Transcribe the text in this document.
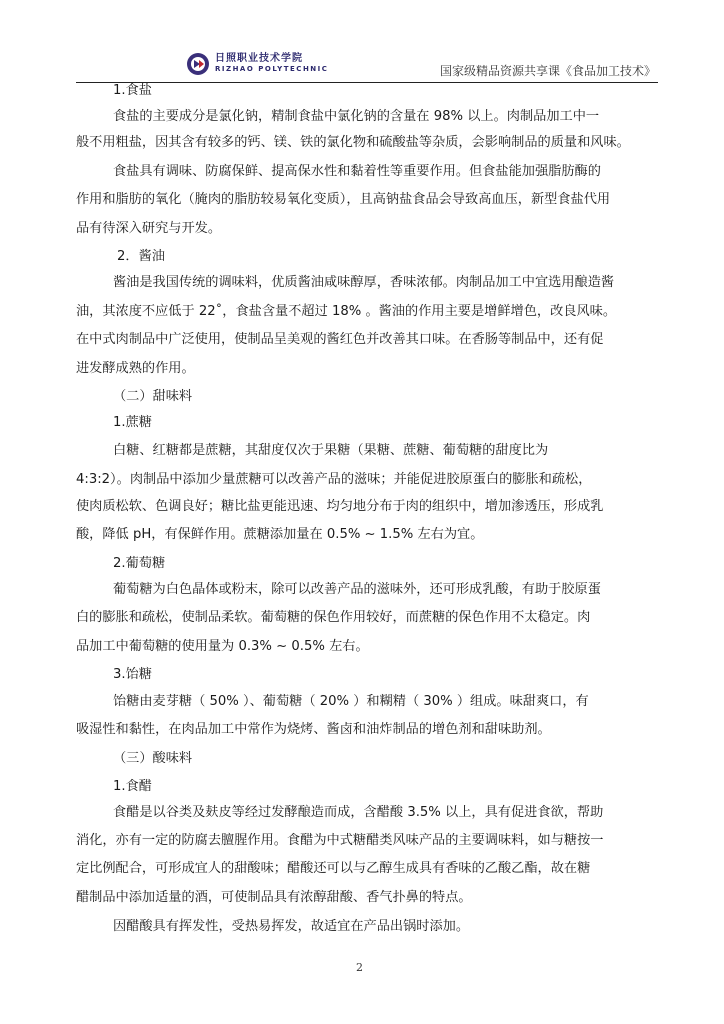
日照职业技术学院
RIZHAO POLYTECHNIC	国家级精品资源共享课《食品加工技术》
1.食盐
食盐的主要成分是氯化钠，精制食盐中氯化钠的含量在 98% 以上。肉制品加工中一
般不用粗盐，因其含有较多的钙、镁、铁的氯化物和硫酸盐等杂质，会影响制品的质量和风味。
食盐具有调味、防腐保鲜、提高保水性和黏着性等重要作用。但食盐能加强脂肪酶的
作用和脂肪的氧化（腌肉的脂肪较易氧化变质），且高钠盐食品会导致高血压，新型食盐代用
品有待深入研究与开发。
2．酱油
酱油是我国传统的调味料，优质酱油咸味醇厚，香味浓郁。肉制品加工中宜选用酿造酱
油，其浓度不应低于 22˚，食盐含量不超过 18% 。酱油的作用主要是增鲜增色，改良风味。
在中式肉制品中广泛使用，使制品呈美观的酱红色并改善其口味。在香肠等制品中，还有促
进发酵成熟的作用。
（二）甜味料
1.蔗糖
白糖、红糖都是蔗糖，其甜度仅次于果糖（果糖、蔗糖、葡萄糖的甜度比为
4:3:2）。肉制品中添加少量蔗糖可以改善产品的滋味；并能促进胶原蛋白的膨胀和疏松，
使肉质松软、色调良好；糖比盐更能迅速、均匀地分布于肉的组织中，增加渗透压，形成乳
酸，降低 pH，有保鲜作用。蔗糖添加量在 0.5% ~ 1.5% 左右为宜。
2.葡萄糖
葡萄糖为白色晶体或粉末，除可以改善产品的滋味外，还可形成乳酸，有助于胶原蛋
白的膨胀和疏松，使制品柔软。葡萄糖的保色作用较好，而蔗糖的保色作用不太稳定。肉
品加工中葡萄糖的使用量为 0.3% ~ 0.5% 左右。
3.饴糖
饴糖由麦芽糖（ 50% ）、葡萄糖（ 20% ）和糊精（ 30% ）组成。味甜爽口，有
吸湿性和黏性，在肉品加工中常作为烧烤、酱卤和油炸制品的增色剂和甜味助剂。
（三）酸味料
1.食醋
食醋是以谷类及麸皮等经过发酵酿造而成，含醋酸 3.5% 以上，具有促进食欲，帮助
消化，亦有一定的防腐去膻腥作用。食醋为中式糖醋类风味产品的主要调味料，如与糖按一
定比例配合，可形成宜人的甜酸味；醋酸还可以与乙醇生成具有香味的乙酸乙酯，故在糖
醋制品中添加适量的酒，可使制品具有浓醇甜酸、香气扑鼻的特点。
因醋酸具有挥发性，受热易挥发，故适宜在产品出锅时添加。
2
